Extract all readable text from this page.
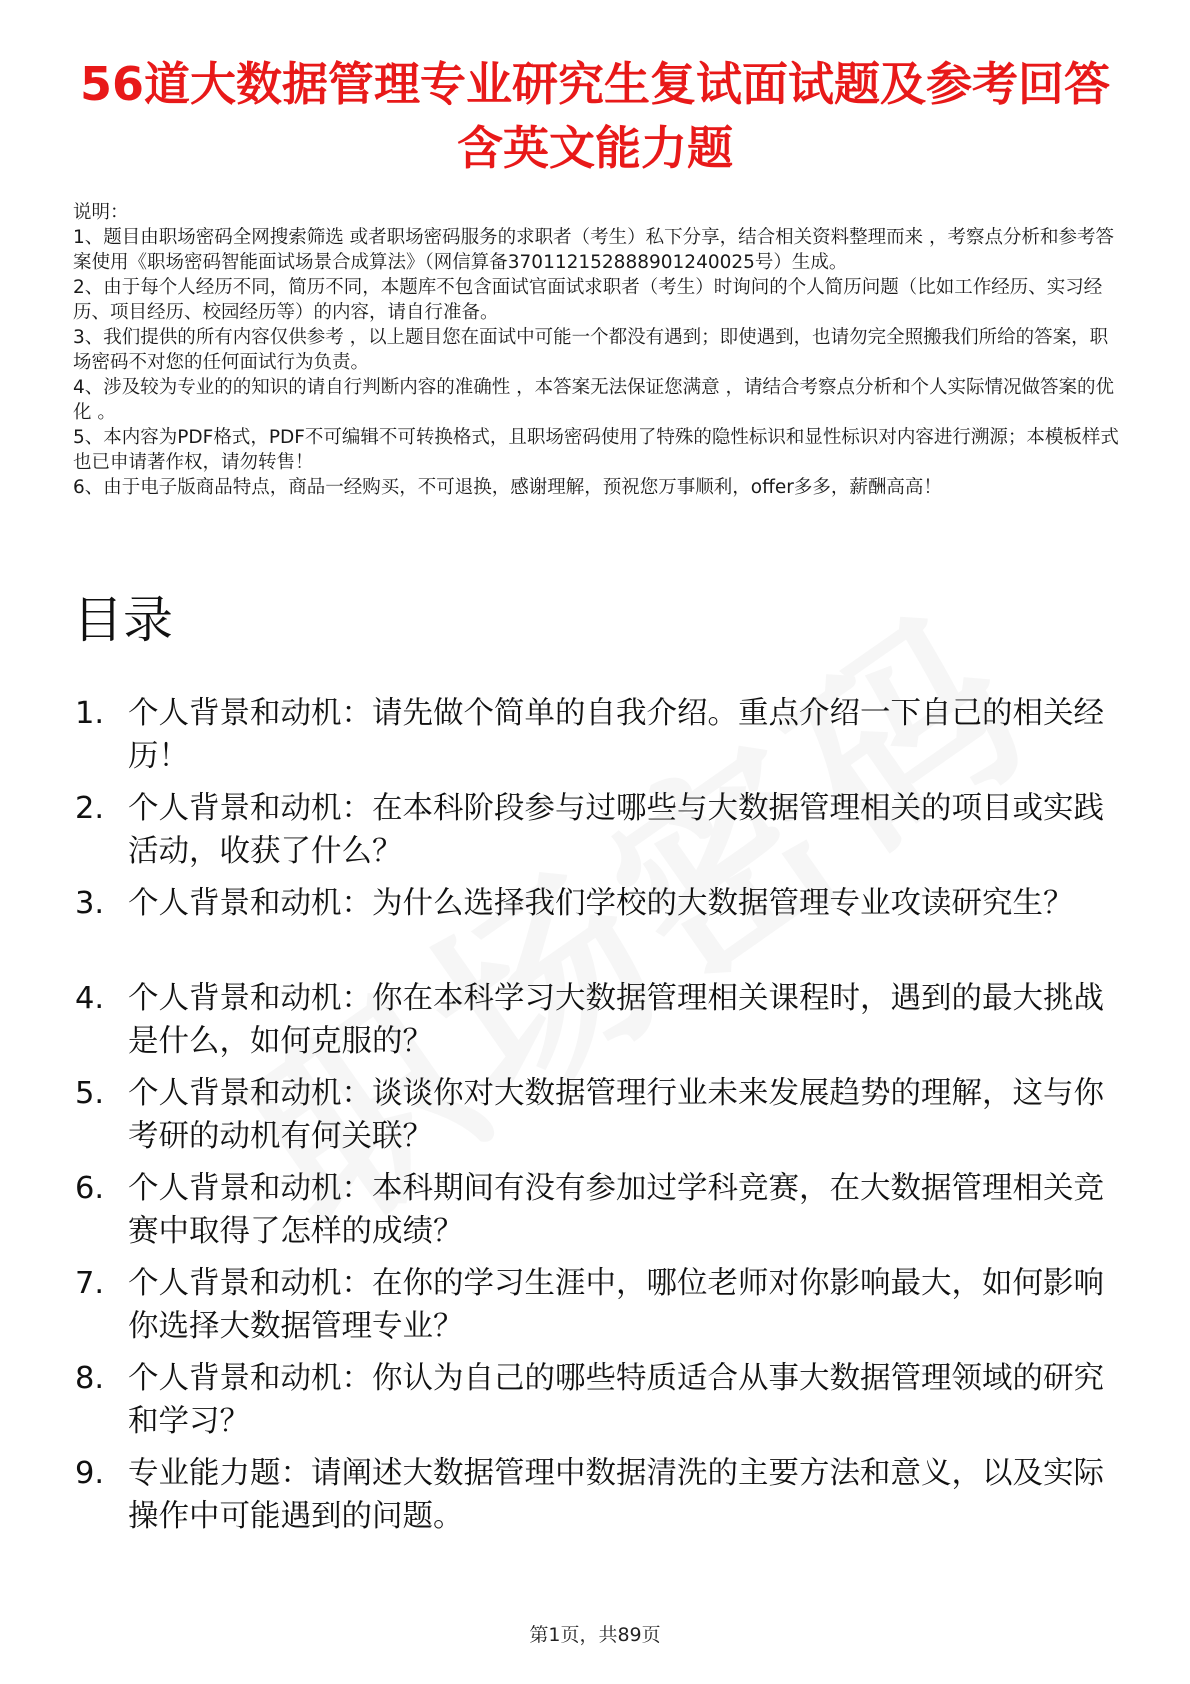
56道大数据管理专业研究生复试面试题及参考回答含英文能力题

说明：

1、题目由职场密码全网搜索筛选 或者职场密码服务的求职者（考生）私下分享，结合相关资料整理而来 ，考察点分析和参考答案使用《职场密码智能面试场景合成算法》（网信算备370112152888901240025号）生成。

2、由于每个人经历不同，简历不同，本题库不包含面试官面试求职者（考生）时询问的个人简历问题（比如工作经历、实习经历、项目经历、校园经历等）的内容，请自行准备。

3、我们提供的所有内容仅供参考 ，以上题目您在面试中可能一个都没有遇到；即使遇到，也请勿完全照搬我们所给的答案，职场密码不对您的任何面试行为负责。

4、涉及较为专业的的知识的请自行判断内容的准确性 ，本答案无法保证您满意 ，请结合考察点分析和个人实际情况做答案的优化 。

5、本内容为PDF格式，PDF不可编辑不可转换格式，且职场密码使用了特殊的隐性标识和显性标识对内容进行溯源；本模板样式也已申请著作权，请勿转售！

6、由于电子版商品特点，商品一经购买，不可退换，感谢理解，预祝您万事顺利，offer多多，薪酬高高！

目录
1. 个人背景和动机：请先做个简单的自我介绍。重点介绍一下自己的相关经历！
2. 个人背景和动机：在本科阶段参与过哪些与大数据管理相关的项目或实践活动，收获了什么？
3. 个人背景和动机：为什么选择我们学校的大数据管理专业攻读研究生？
4. 个人背景和动机：你在本科学习大数据管理相关课程时，遇到的最大挑战是什么，如何克服的？
5. 个人背景和动机：谈谈你对大数据管理行业未来发展趋势的理解，这与你考研的动机有何关联？
6. 个人背景和动机：本科期间有没有参加过学科竞赛，在大数据管理相关竞赛中取得了怎样的成绩？
7. 个人背景和动机：在你的学习生涯中，哪位老师对你影响最大，如何影响你选择大数据管理专业？
8. 个人背景和动机：你认为自己的哪些特质适合从事大数据管理领域的研究和学习？
9. 专业能力题：请阐述大数据管理中数据清洗的主要方法和意义，以及实际操作中可能遇到的问题。
第1页，共89页
